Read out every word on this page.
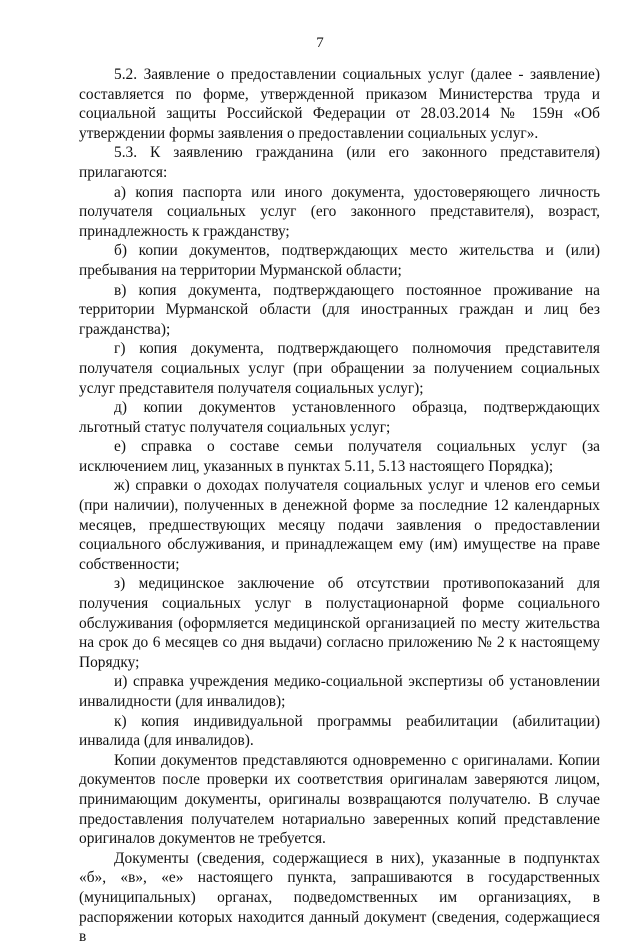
7

5.2. Заявление о предоставлении социальных услуг (далее - заявление) составляется по форме, утвержденной приказом Министерства труда и социальной защиты Российской Федерации от 28.03.2014 № 159н «Об утверждении формы заявления о предоставлении социальных услуг».

5.3. К заявлению гражданина (или его законного представителя) прилагаются:

а) копия паспорта или иного документа, удостоверяющего личность получателя социальных услуг (его законного представителя), возраст, принадлежность к гражданству;

б) копии документов, подтверждающих место жительства и (или) пребывания на территории Мурманской области;

в) копия документа, подтверждающего постоянное проживание на территории Мурманской области (для иностранных граждан и лиц без гражданства);

г) копия документа, подтверждающего полномочия представителя получателя социальных услуг (при обращении за получением социальных услуг представителя получателя социальных услуг);

д) копии документов установленного образца, подтверждающих льготный статус получателя социальных услуг;

е) справка о составе семьи получателя социальных услуг (за исключением лиц, указанных в пунктах 5.11, 5.13 настоящего Порядка);

ж) справки о доходах получателя социальных услуг и членов его семьи (при наличии), полученных в денежной форме за последние 12 календарных месяцев, предшествующих месяцу подачи заявления о предоставлении социального обслуживания, и принадлежащем ему (им) имуществе на праве собственности;

з) медицинское заключение об отсутствии противопоказаний для получения социальных услуг в полустационарной форме социального обслуживания (оформляется медицинской организацией по месту жительства на срок до 6 месяцев со дня выдачи) согласно приложению № 2 к настоящему Порядку;

и) справка учреждения медико-социальной экспертизы об установлении инвалидности (для инвалидов);

к) копия индивидуальной программы реабилитации (абилитации) инвалида (для инвалидов).

Копии документов представляются одновременно с оригиналами. Копии документов после проверки их соответствия оригиналам заверяются лицом, принимающим документы, оригиналы возвращаются получателю. В случае предоставления получателем нотариально заверенных копий представление оригиналов документов не требуется.

Документы (сведения, содержащиеся в них), указанные в подпунктах «б», «в», «е» настоящего пункта, запрашиваются в государственных (муниципальных) органах, подведомственных им организациях, в распоряжении которых находится данный документ (сведения, содержащиеся в
